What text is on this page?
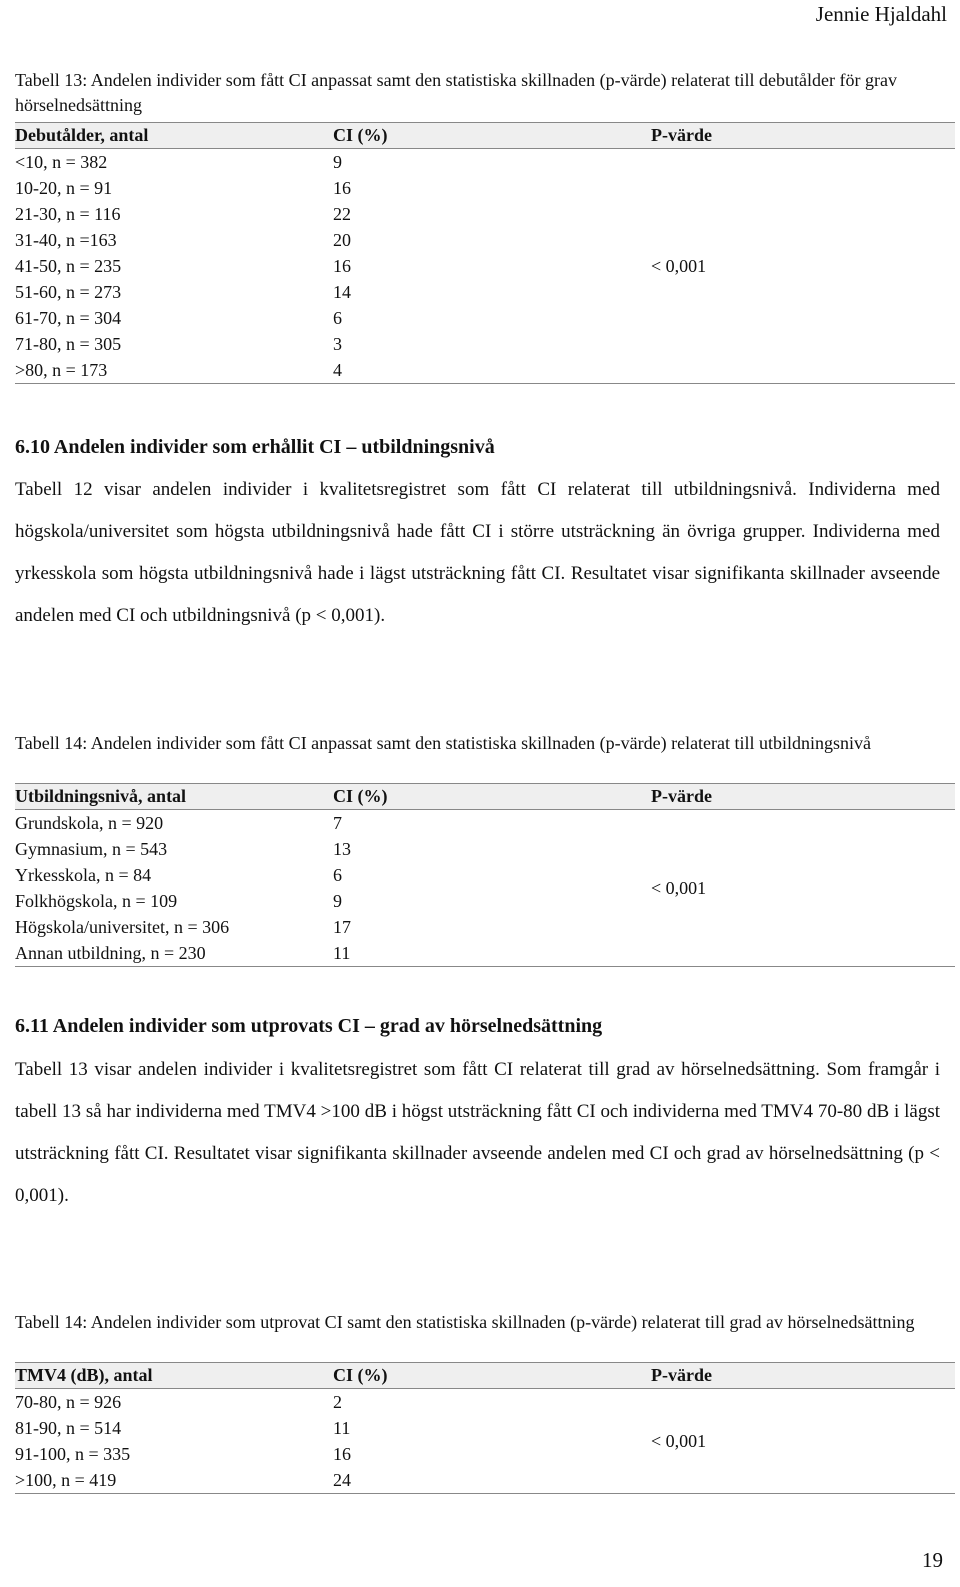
Jennie Hjaldahl
Tabell 13: Andelen individer som fått CI anpassat samt den statistiska skillnaden (p-värde) relaterat till debutålder för grav hörselnedsättning
Debutålder, antal	CI (%)	P-värde
<10, n = 382	9	< 0,001
10-20, n = 91	16	
21-30, n = 116	22	
31-40, n =163	20	
41-50, n = 235	16	
51-60, n = 273	14	
61-70, n = 304	6	
71-80, n = 305	3	
>80, n = 173	4	
6.10 Andelen individer som erhållit CI – utbildningsnivå

Tabell 12 visar andelen individer i kvalitetsregistret som fått CI relaterat till utbildningsnivå. Individerna med högskola/universitet som högsta utbildningsnivå hade fått CI i större utsträckning än övriga grupper. Individerna med yrkesskola som högsta utbildningsnivå hade i lägst utsträckning fått CI. Resultatet visar signifikanta skillnader avseende andelen med CI och utbildningsnivå (p < 0,001).

Tabell 14: Andelen individer som fått CI anpassat samt den statistiska skillnaden (p-värde) relaterat till utbildningsnivå
Utbildningsnivå, antal	CI (%)	P-värde
Grundskola, n = 920	7	< 0,001
Gymnasium, n = 543	13	
Yrkesskola, n = 84	6	
Folkhögskola, n = 109	9	
Högskola/universitet, n = 306	17	
Annan utbildning, n = 230	11	
6.11 Andelen individer som utprovats CI – grad av hörselnedsättning

Tabell 13 visar andelen individer i kvalitetsregistret som fått CI relaterat till grad av hörselnedsättning. Som framgår i tabell 13 så har individerna med TMV4 >100 dB i högst utsträckning fått CI och individerna med TMV4 70-80 dB i lägst utsträckning fått CI. Resultatet visar signifikanta skillnader avseende andelen med CI och grad av hörselnedsättning (p < 0,001).

Tabell 14: Andelen individer som utprovat CI samt den statistiska skillnaden (p-värde) relaterat till grad av hörselnedsättning
TMV4 (dB), antal	CI (%)	P-värde
70-80, n = 926	2	< 0,001
81-90, n = 514	11	
91-100, n = 335	16	
>100, n = 419	24	
19
